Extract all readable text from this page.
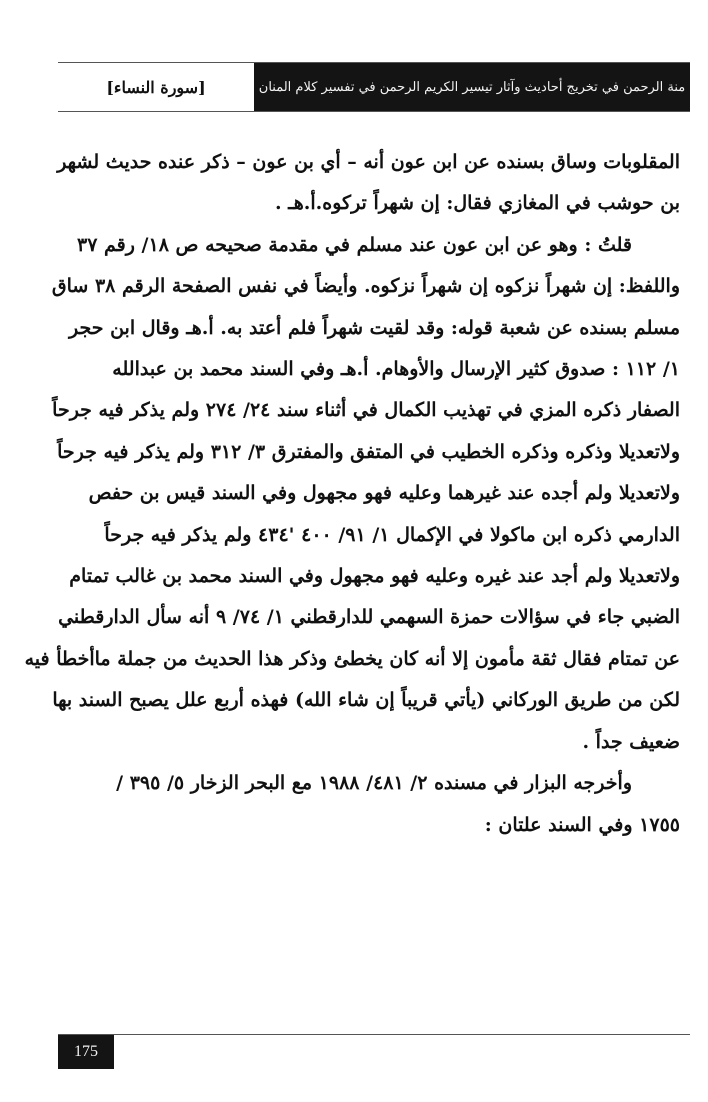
منة الرحمن في تخريج أحاديث وآثار تيسير الكريم الرحمن في تفسير كلام المنان
[سورة النساء]

المقلوبات وساق بسنده عن ابن عون أنه – أي بن عون – ذكر عنده حديث لشهر
بن حوشب في المغازي فقال: إن شهراً تركوه.أ.هـ .

قلتُ : وهو عن ابن عون عند مسلم في مقدمة صحيحه ص ١٨/ رقم ٣٧
واللفظ: إن شهراً نزكوه إن شهراً نزكوه. وأيضاً في نفس الصفحة الرقم ٣٨ ساق
مسلم بسنده عن شعبة قوله: وقد لقيت شهراً فلم أعتد به. أ.هـ وقال ابن حجر
١/ ١١٢ : صدوق كثير الإرسال والأوهام. أ.هـ وفي السند محمد بن عبدالله
الصفار ذكره المزي في تهذيب الكمال في أثناء سند ٢٤/ ٢٧٤ ولم يذكر فيه جرحاً
ولاتعديلا وذكره وذكره الخطيب في المتفق والمفترق ٣/ ٣١٢ ولم يذكر فيه جرحاً
ولاتعديلا ولم أجده عند غيرهما وعليه فهو مجهول وفي السند قيس بن حفص
الدارمي ذكره ابن ماكولا في الإكمال ١/ ٩١/ ٤٠٠ '٤٣٤ ولم يذكر فيه جرحاً
ولاتعديلا ولم أجد عند غيره وعليه فهو مجهول وفي السند محمد بن غالب تمتام
الضبي جاء في سؤالات حمزة السهمي للدارقطني ١/ ٧٤/ ٩ أنه سأل الدارقطني
عن تمتام فقال ثقة مأمون إلا أنه كان يخطئ وذكر هذا الحديث من جملة ماأخطأ فيه
لكن من طريق الوركاني (يأتي قريباً إن شاء الله) فهذه أربع علل يصبح السند بها
ضعيف جداً .

وأخرجه البزار في مسنده ٢/ ٤٨١/ ١٩٨٨ مع البحر الزخار ٥/ ٣٩٥ /
١٧٥٥ وفي السند علتان :

175
